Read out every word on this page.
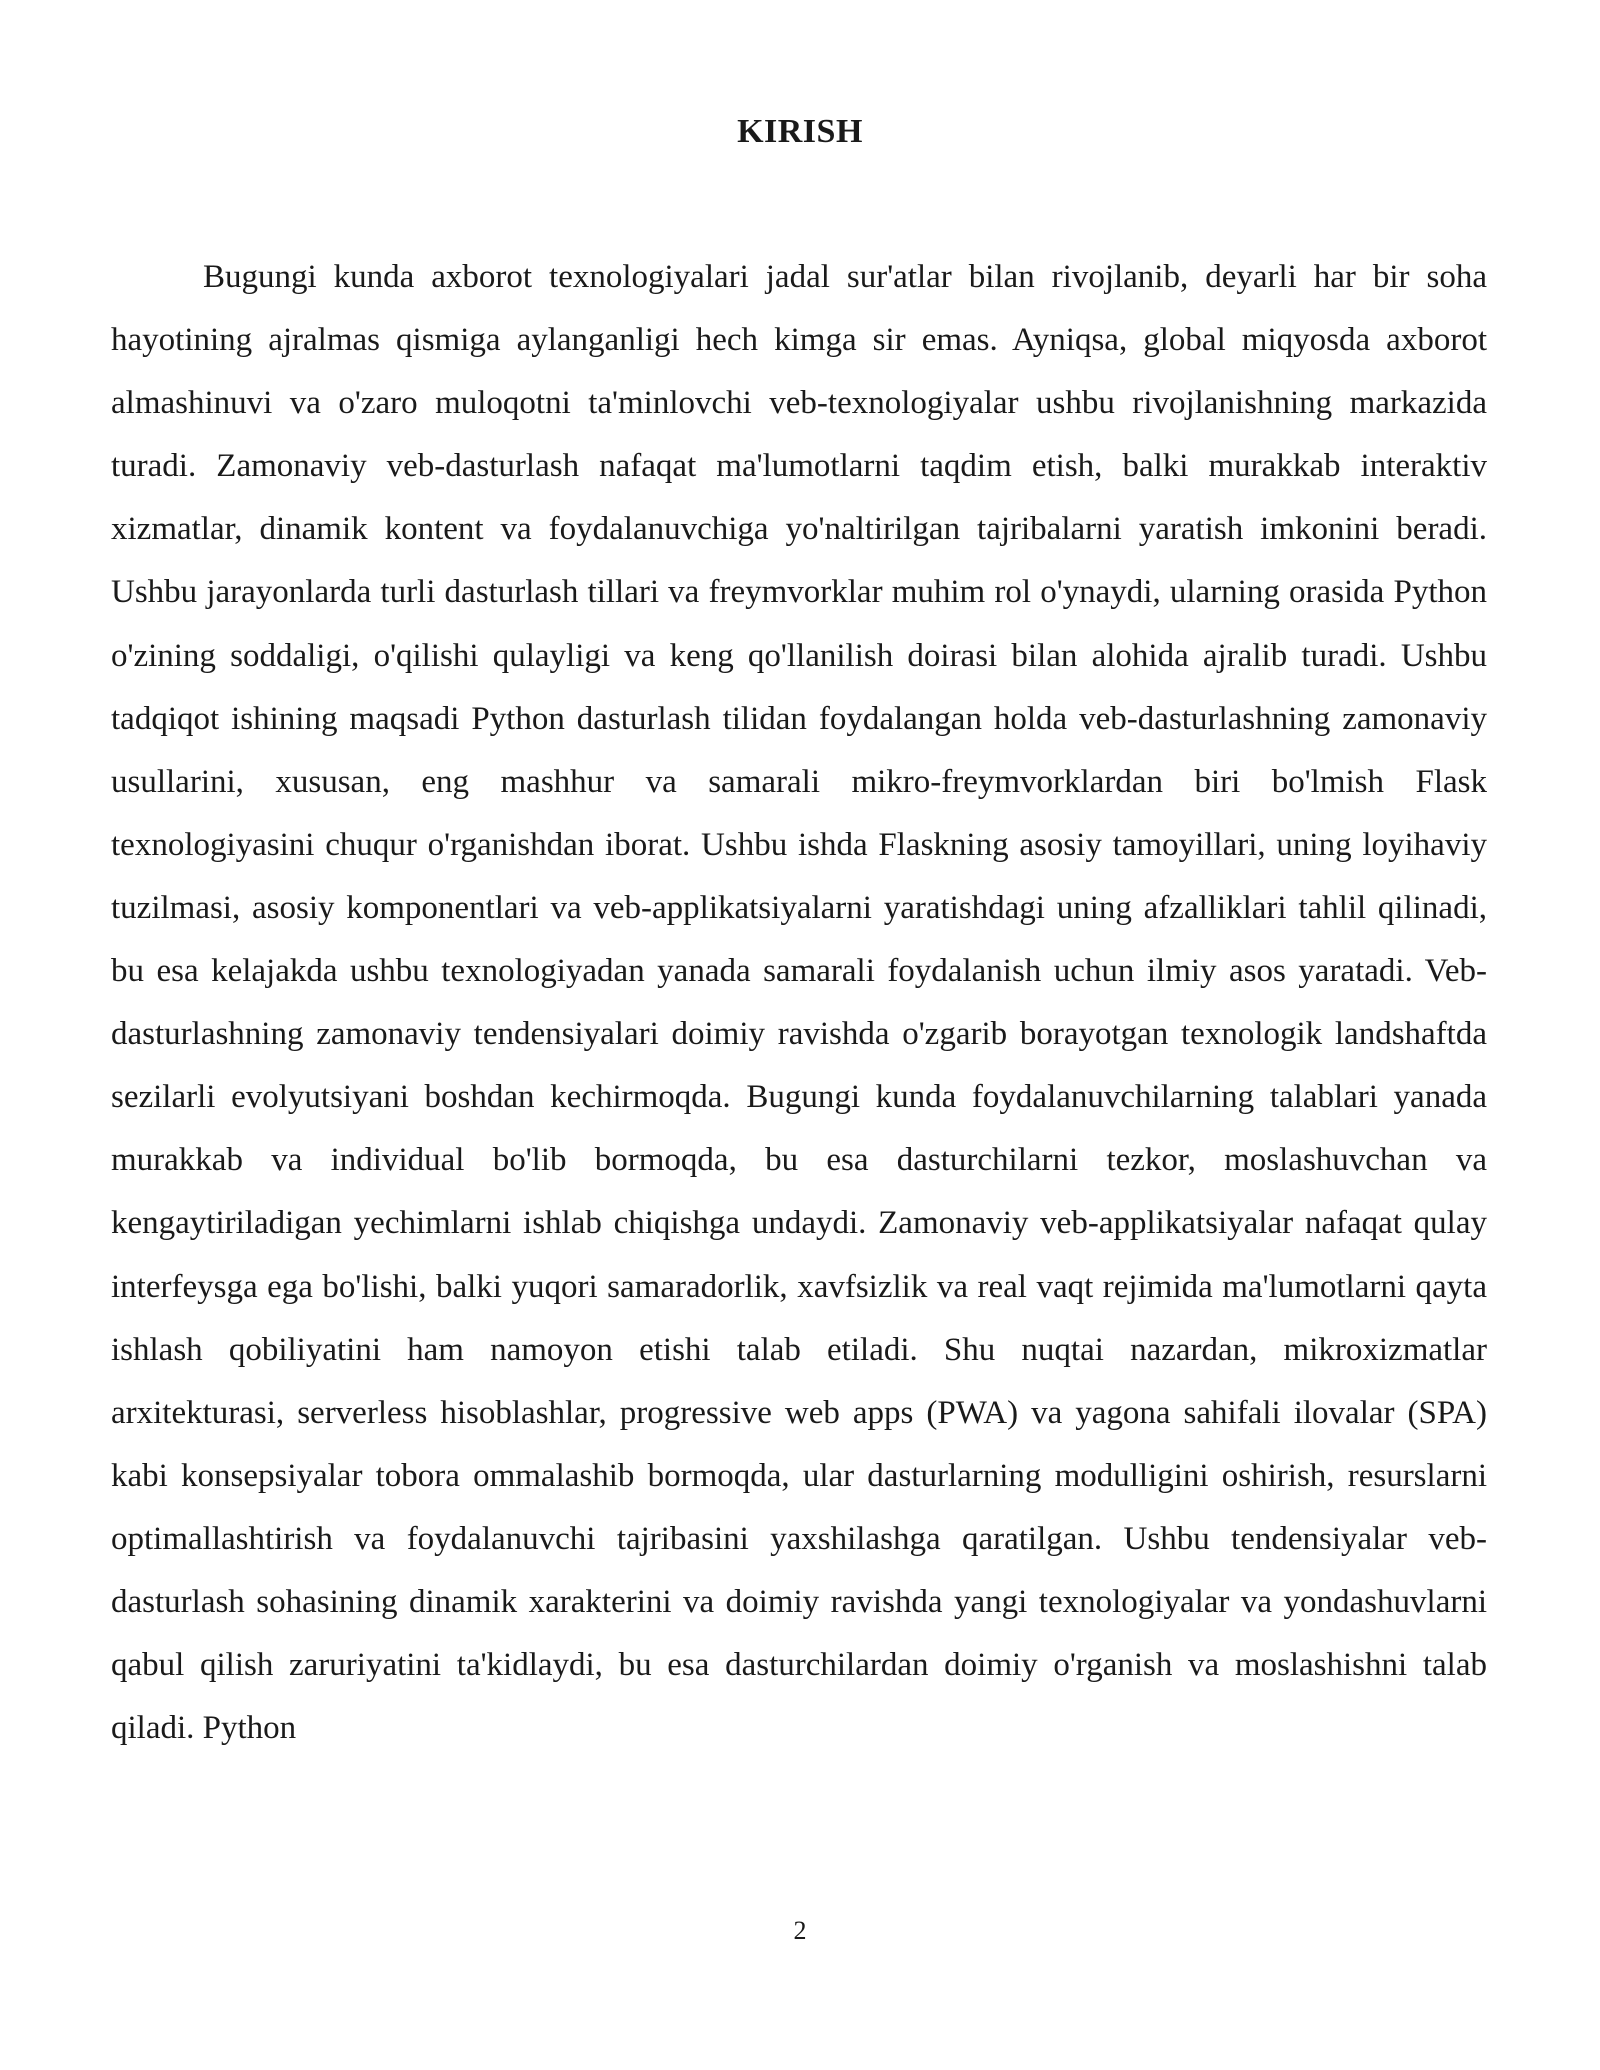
KIRISH

Bugungi kunda axborot texnologiyalari jadal sur'atlar bilan rivojlanib, deyarli har bir soha hayotining ajralmas qismiga aylanganligi hech kimga sir emas. Ayniqsa, global miqyosda axborot almashinuvi va o'zaro muloqotni ta'minlovchi veb-texnologiyalar ushbu rivojlanishning markazida turadi. Zamonaviy veb-dasturlash nafaqat ma'lumotlarni taqdim etish, balki murakkab interaktiv xizmatlar, dinamik kontent va foydalanuvchiga yo'naltirilgan tajribalarni yaratish imkonini beradi. Ushbu jarayonlarda turli dasturlash tillari va freymvorklar muhim rol o'ynaydi, ularning orasida Python o'zining soddaligi, o'qilishi qulayligi va keng qo'llanilish doirasi bilan alohida ajralib turadi. Ushbu tadqiqot ishining maqsadi Python dasturlash tilidan foydalangan holda veb-dasturlashning zamonaviy usullarini, xususan, eng mashhur va samarali mikro-freymvorklardan biri bo'lmish Flask texnologiyasini chuqur o'rganishdan iborat. Ushbu ishda Flaskning asosiy tamoyillari, uning loyihaviy tuzilmasi, asosiy komponentlari va veb-applikatsiyalarni yaratishdagi uning afzalliklari tahlil qilinadi, bu esa kelajakda ushbu texnologiyadan yanada samarali foydalanish uchun ilmiy asos yaratadi. Veb-dasturlashning zamonaviy tendensiyalari doimiy ravishda o'zgarib borayotgan texnologik landshaftda sezilarli evolyutsiyani boshdan kechirmoqda. Bugungi kunda foydalanuvchilarning talablari yanada murakkab va individual bo'lib bormoqda, bu esa dasturchilarni tezkor, moslashuvchan va kengaytiriladigan yechimlarni ishlab chiqishga undaydi. Zamonaviy veb-applikatsiyalar nafaqat qulay interfeysga ega bo'lishi, balki yuqori samaradorlik, xavfsizlik va real vaqt rejimida ma'lumotlarni qayta ishlash qobiliyatini ham namoyon etishi talab etiladi. Shu nuqtai nazardan, mikroxizmatlar arxitekturasi, serverless hisoblashlar, progressive web apps (PWA) va yagona sahifali ilovalar (SPA) kabi konsepsiyalar tobora ommalashib bormoqda, ular dasturlarning modulligini oshirish, resurslarni optimallashtirish va foydalanuvchi tajribasini yaxshilashga qaratilgan. Ushbu tendensiyalar veb-dasturlash sohasining dinamik xarakterini va doimiy ravishda yangi texnologiyalar va yondashuvlarni qabul qilish zaruriyatini ta'kidlaydi, bu esa dasturchilardan doimiy o'rganish va moslashishni talab qiladi. Python

2
